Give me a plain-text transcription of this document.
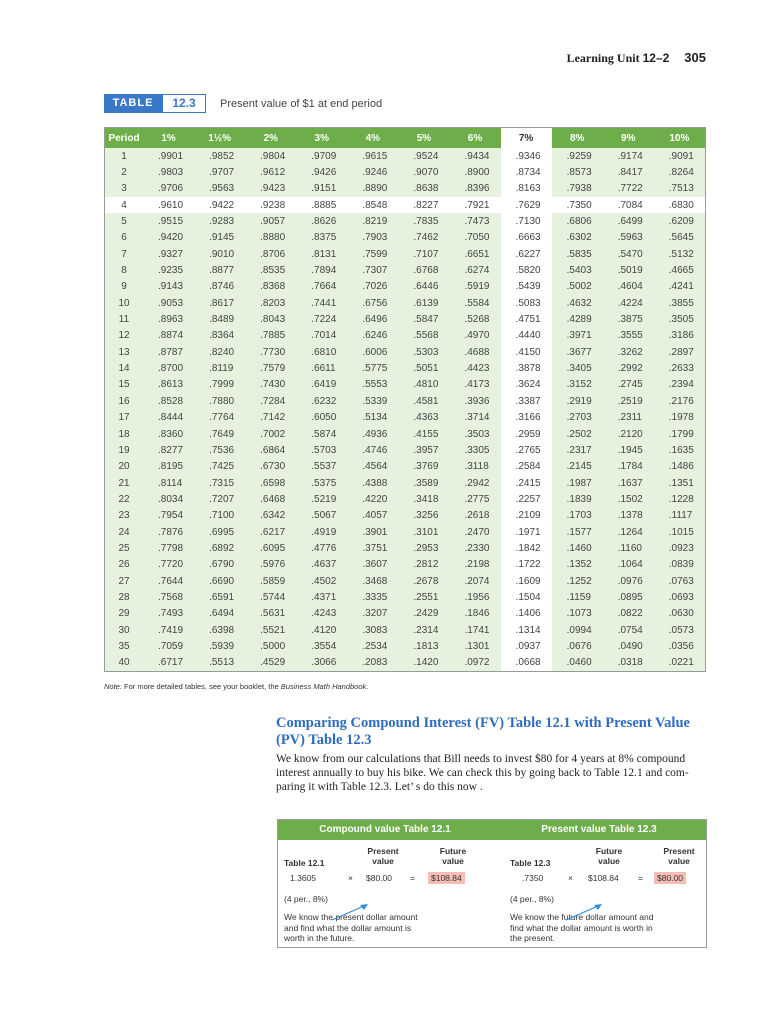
Learning Unit 12–2 305
TABLE	12.3	Present value of $1 at end period
Period	1%	1½%	2%	3%	4%	5%	6%	7%	8%	9%	10%
1	.9901	.9852	.9804	.9709	.9615	.9524	.9434	.9346	.9259	.9174	.9091
2	.9803	.9707	.9612	.9426	.9246	.9070	.8900	.8734	.8573	.8417	.8264
3	.9706	.9563	.9423	.9151	.8890	.8638	.8396	.8163	.7938	.7722	.7513
4	.9610	.9422	.9238	.8885	.8548	.8227	.7921	.7629	.7350	.7084	.6830
5	.9515	.9283	.9057	.8626	.8219	.7835	.7473	.7130	.6806	.6499	.6209
6	.9420	.9145	.8880	.8375	.7903	.7462	.7050	.6663	.6302	.5963	.5645
7	.9327	.9010	.8706	.8131	.7599	.7107	.6651	.6227	.5835	.5470	.5132
8	.9235	.8877	.8535	.7894	.7307	.6768	.6274	.5820	.5403	.5019	.4665
9	.9143	.8746	.8368	.7664	.7026	.6446	.5919	.5439	.5002	.4604	.4241
10	.9053	.8617	.8203	.7441	.6756	.6139	.5584	.5083	.4632	.4224	.3855
11	.8963	.8489	.8043	.7224	.6496	.5847	.5268	.4751	.4289	.3875	.3505
12	.8874	.8364	.7885	.7014	.6246	.5568	.4970	.4440	.3971	.3555	.3186
13	.8787	.8240	.7730	.6810	.6006	.5303	.4688	.4150	.3677	.3262	.2897
14	.8700	.8119	.7579	.6611	.5775	.5051	.4423	.3878	.3405	.2992	.2633
15	.8613	.7999	.7430	.6419	.5553	.4810	.4173	.3624	.3152	.2745	.2394
16	.8528	.7880	.7284	.6232	.5339	.4581	.3936	.3387	.2919	.2519	.2176
17	.8444	.7764	.7142	.6050	.5134	.4363	.3714	.3166	.2703	.2311	.1978
18	.8360	.7649	.7002	.5874	.4936	.4155	.3503	.2959	.2502	.2120	.1799
19	.8277	.7536	.6864	.5703	.4746	.3957	.3305	.2765	.2317	.1945	.1635
20	.8195	.7425	.6730	.5537	.4564	.3769	.3118	.2584	.2145	.1784	.1486
21	.8114	.7315	.6598	.5375	.4388	.3589	.2942	.2415	.1987	.1637	.1351
22	.8034	.7207	.6468	.5219	.4220	.3418	.2775	.2257	.1839	.1502	.1228
23	.7954	.7100	.6342	.5067	.4057	.3256	.2618	.2109	.1703	.1378	.1117
24	.7876	.6995	.6217	.4919	.3901	.3101	.2470	.1971	.1577	.1264	.1015
25	.7798	.6892	.6095	.4776	.3751	.2953	.2330	.1842	.1460	.1160	.0923
26	.7720	.6790	.5976	.4637	.3607	.2812	.2198	.1722	.1352	.1064	.0839
27	.7644	.6690	.5859	.4502	.3468	.2678	.2074	.1609	.1252	.0976	.0763
28	.7568	.6591	.5744	.4371	.3335	.2551	.1956	.1504	.1159	.0895	.0693
29	.7493	.6494	.5631	.4243	.3207	.2429	.1846	.1406	.1073	.0822	.0630
30	.7419	.6398	.5521	.4120	.3083	.2314	.1741	.1314	.0994	.0754	.0573
35	.7059	.5939	.5000	.3554	.2534	.1813	.1301	.0937	.0676	.0490	.0356
40	.6717	.5513	.4529	.3066	.2083	.1420	.0972	.0668	.0460	.0318	.0221
Note: For more detailed tables, see your booklet, the Business Math Handbook.
Comparing Compound Interest (FV) Table 12.1 with Present Value (PV) Table 12.3
We know from our calculations that Bill needs to invest $80 for 4 years at 8% compound interest annually to buy his bike. We can check this by going back to Table 12.1 and com-paring it with Table 12.3. Let’ s do this now .
Compound value Table 12.1	Present value Table 12.3
Table 12.1
Present value
Future value
1.3605	× $80.00 =	$108.84
(4 per., 8%)
We know the present dollar amount and find what the dollar amount is worth in the future.
Table 12.3
Future value
Present value
.7350	× $108.84 =	$80.00
(4 per., 8%)
We know the future dollar amount and find what the dollar amount is worth in the present.
